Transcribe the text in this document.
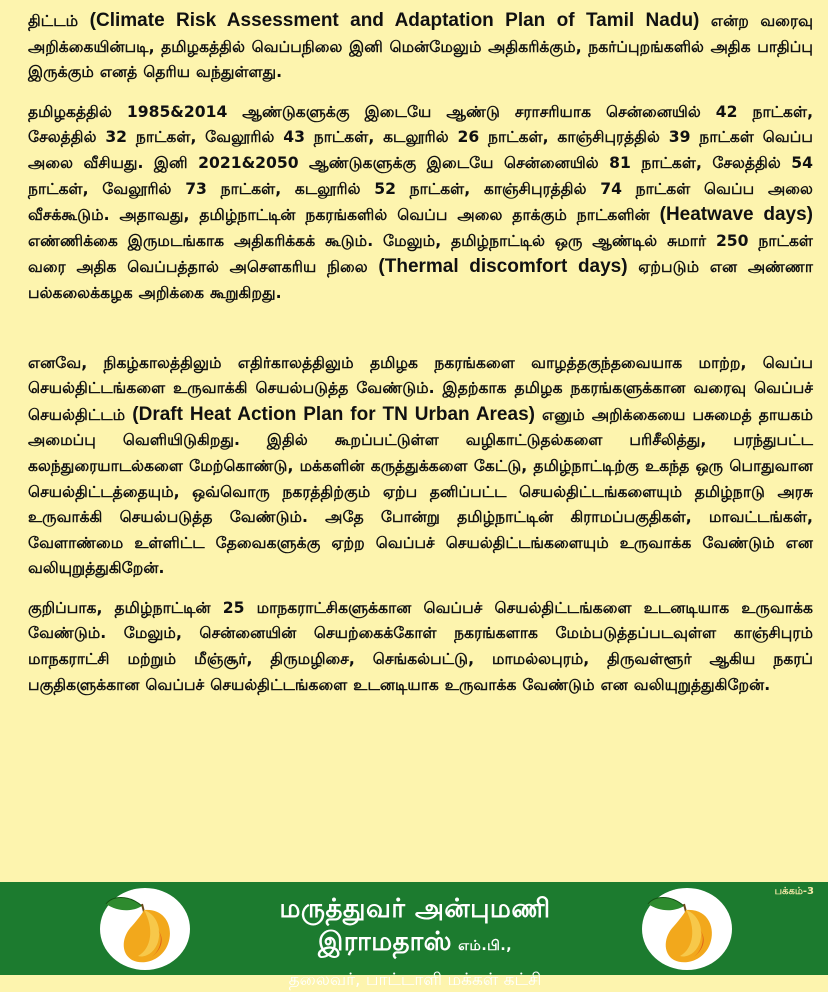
திட்டம் (Climate Risk Assessment and Adaptation Plan of Tamil Nadu) என்ற வரைவு அறிக்கையின்படி, தமிழகத்தில் வெப்பநிலை இனி மென்மேலும் அதிகரிக்கும், நகர்ப்புறங்களில் அதிக பாதிப்பு இருக்கும் எனத் தெரிய வந்துள்ளது.

தமிழகத்தில் 1985&2014 ஆண்டுகளுக்கு இடையே ஆண்டு சராசரியாக சென்னையில் 42 நாட்கள், சேலத்தில் 32 நாட்கள், வேலூரில் 43 நாட்கள், கடலூரில் 26 நாட்கள், காஞ்சிபுரத்தில் 39 நாட்கள் வெப்ப அலை வீசியது. இனி 2021&2050 ஆண்டுகளுக்கு இடையே சென்னையில் 81 நாட்கள், சேலத்தில் 54 நாட்கள், வேலூரில் 73 நாட்கள், கடலூரில் 52 நாட்கள், காஞ்சிபுரத்தில் 74 நாட்கள் வெப்ப அலை வீசக்கூடும். அதாவது, தமிழ்நாட்டின் நகரங்களில் வெப்ப அலை தாக்கும் நாட்களின் (Heatwave days) எண்ணிக்கை இருமடங்காக அதிகரிக்கக் கூடும். மேலும், தமிழ்நாட்டில் ஒரு ஆண்டில் சுமார் 250 நாட்கள் வரை அதிக வெப்பத்தால் அசௌகரிய நிலை (Thermal discomfort days) ஏற்படும் என அண்ணா பல்கலைக்கழக அறிக்கை கூறுகிறது.

எனவே, நிகழ்காலத்திலும் எதிர்காலத்திலும் தமிழக நகரங்களை வாழத்தகுந்தவையாக மாற்ற, வெப்ப செயல்திட்டங்களை உருவாக்கி செயல்படுத்த வேண்டும். இதற்காக தமிழக நகரங்களுக்கான வரைவு வெப்பச் செயல்திட்டம் (Draft Heat Action Plan for TN Urban Areas) எனும் அறிக்கையை பசுமைத் தாயகம் அமைப்பு வெளியிடுகிறது. இதில் கூறப்பட்டுள்ள வழிகாட்டுதல்களை பரிசீலித்து, பரந்துபட்ட கலந்துரையாடல்களை மேற்கொண்டு, மக்களின் கருத்துக்களை கேட்டு, தமிழ்நாட்டிற்கு உகந்த ஒரு பொதுவான செயல்திட்டத்தையும், ஒவ்வொரு நகரத்திற்கும் ஏற்ப தனிப்பட்ட செயல்திட்டங்களையும் தமிழ்நாடு அரசு உருவாக்கி செயல்படுத்த வேண்டும். அதே போன்று தமிழ்நாட்டின் கிராமப்பகுதிகள், மாவட்டங்கள், வேளாண்மை உள்ளிட்ட தேவைகளுக்கு ஏற்ற வெப்பச் செயல்திட்டங்களையும் உருவாக்க வேண்டும் என வலியுறுத்துகிறேன்.

குறிப்பாக, தமிழ்நாட்டின் 25 மாநகராட்சிகளுக்கான வெப்பச் செயல்திட்டங்களை உடனடியாக உருவாக்க வேண்டும். மேலும், சென்னையின் செயற்கைக்கோள் நகரங்களாக மேம்படுத்தப்படவுள்ள காஞ்சிபுரம் மாநகராட்சி மற்றும் மீஞ்சூர், திருமழிசை, செங்கல்பட்டு, மாமல்லபுரம், திருவள்ளூர் ஆகிய நகரப் பகுதிகளுக்கான வெப்பச் செயல்திட்டங்களை உடனடியாக உருவாக்க வேண்டும் என வலியுறுத்துகிறேன்.

பக்கம்-3
மருத்துவர் அன்புமணி இராமதாஸ் எம்.பி.,
தலைவர், பாட்டாளி மக்கள் கட்சி
